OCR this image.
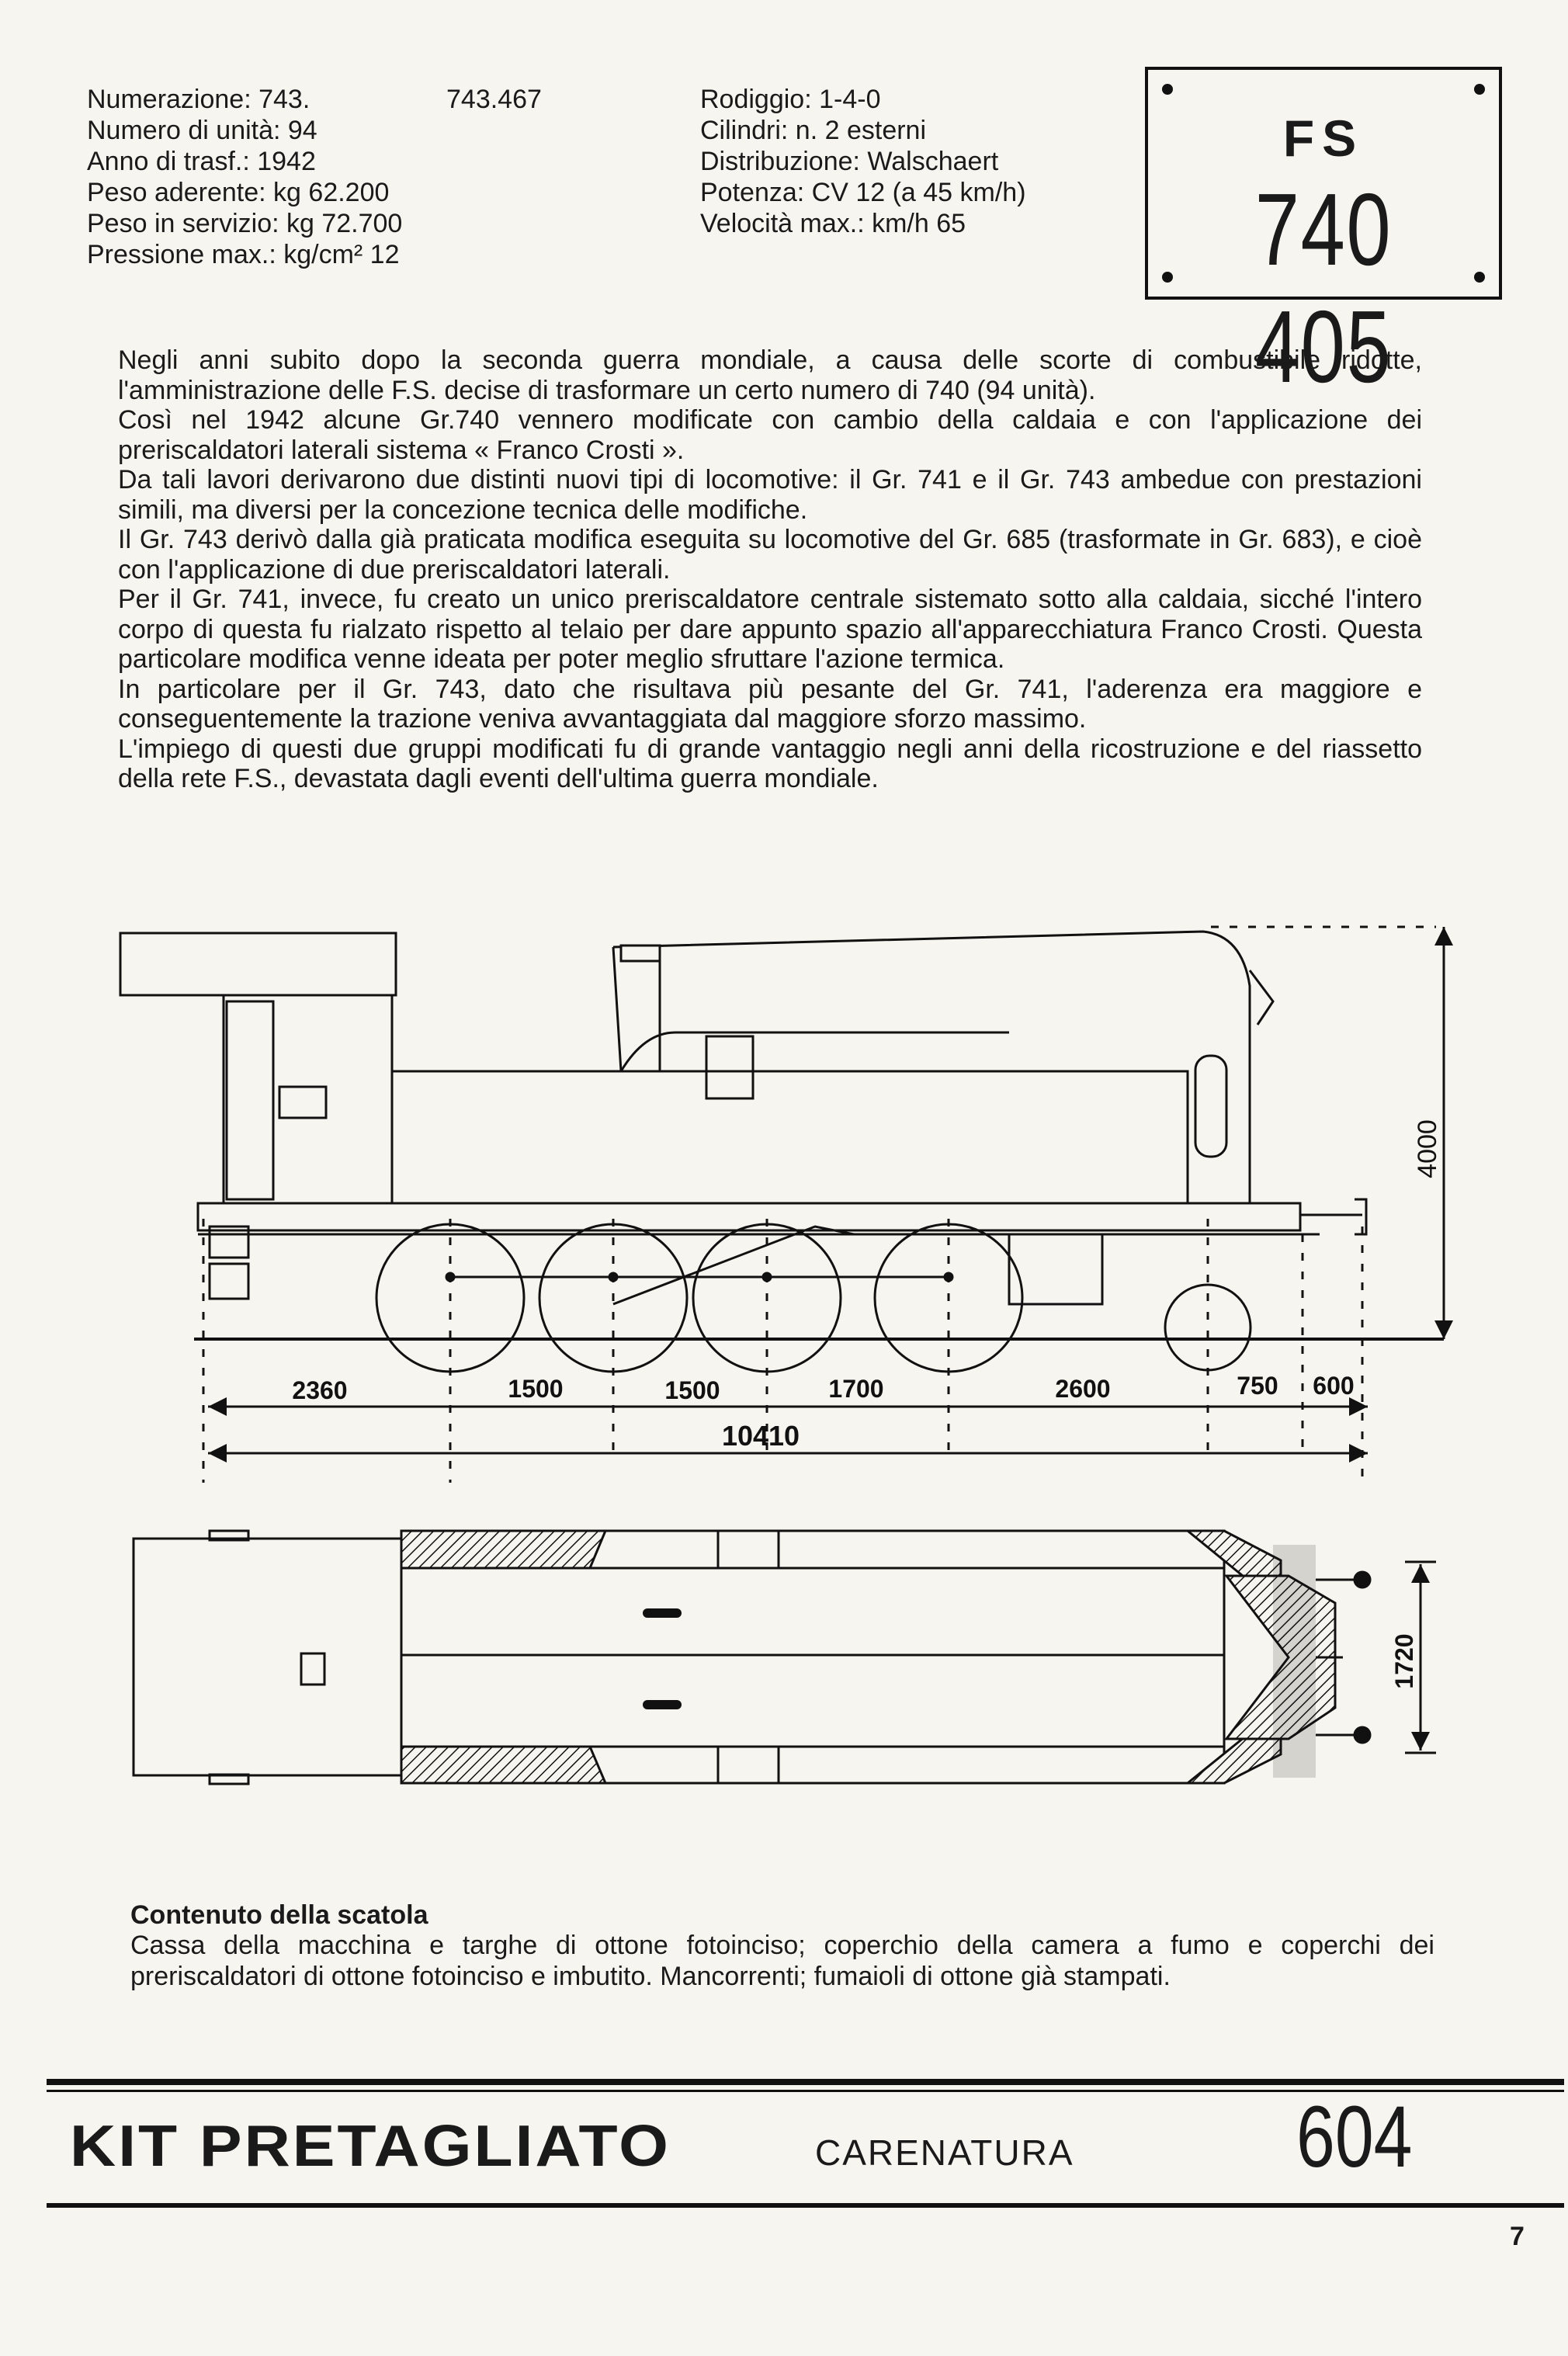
Numerazione: 743.
Numero di unità: 94
Anno di trasf.: 1942
Peso aderente: kg 62.200
Peso in servizio: kg 72.700
Pressione max.: kg/cm² 12
743.467	Rodiggio: 1-4-0
Cilindri: n. 2 esterni
Distribuzione: Walschaert
Potenza: CV 12 (a 45 km/h)
Velocità max.: km/h 65
FS
740 405

Negli anni subito dopo la seconda guerra mondiale, a causa delle scorte di combustibile ridotte, l'amministrazione delle F.S. decise di trasformare un certo numero di 740 (94 unità).

Così nel 1942 alcune Gr.740 vennero modificate con cambio della caldaia e con l'applicazione dei preriscaldatori laterali sistema « Franco Crosti ».

Da tali lavori derivarono due distinti nuovi tipi di locomotive: il Gr. 741 e il Gr. 743 ambedue con prestazioni simili, ma diversi per la concezione tecnica delle modifiche.

Il Gr. 743 derivò dalla già praticata modifica eseguita su locomotive del Gr. 685 (trasformate in Gr. 683), e cioè con l'applicazione di due preriscaldatori laterali.

Per il Gr. 741, invece, fu creato un unico preriscaldatore centrale sistemato sotto alla caldaia, sicché l'intero corpo di questa fu rialzato rispetto al telaio per dare appunto spazio all'apparecchiatura Franco Crosti. Questa particolare modifica venne ideata per poter meglio sfruttare l'azione termica.

In particolare per il Gr. 743, dato che risultava più pesante del Gr. 741, l'aderenza era maggiore e conseguentemente la trazione veniva avvantaggiata dal maggiore sforzo massimo.

L'impiego di questi due gruppi modificati fu di grande vantaggio negli anni della ricostruzione e del riassetto della rete F.S., devastata dagli eventi dell'ultima guerra mondiale.

4000
2360	1500	1500	1700	2600	750 600
10410
1720
Contenuto della scatola
Cassa della macchina e targhe di ottone fotoinciso; coperchio della camera a fumo e coperchi dei preriscaldatori di ottone fotoinciso e imbutito. Mancorrenti; fumaioli di ottone già stampati.
KIT PRETAGLIATO	CARENATURA	604
7
